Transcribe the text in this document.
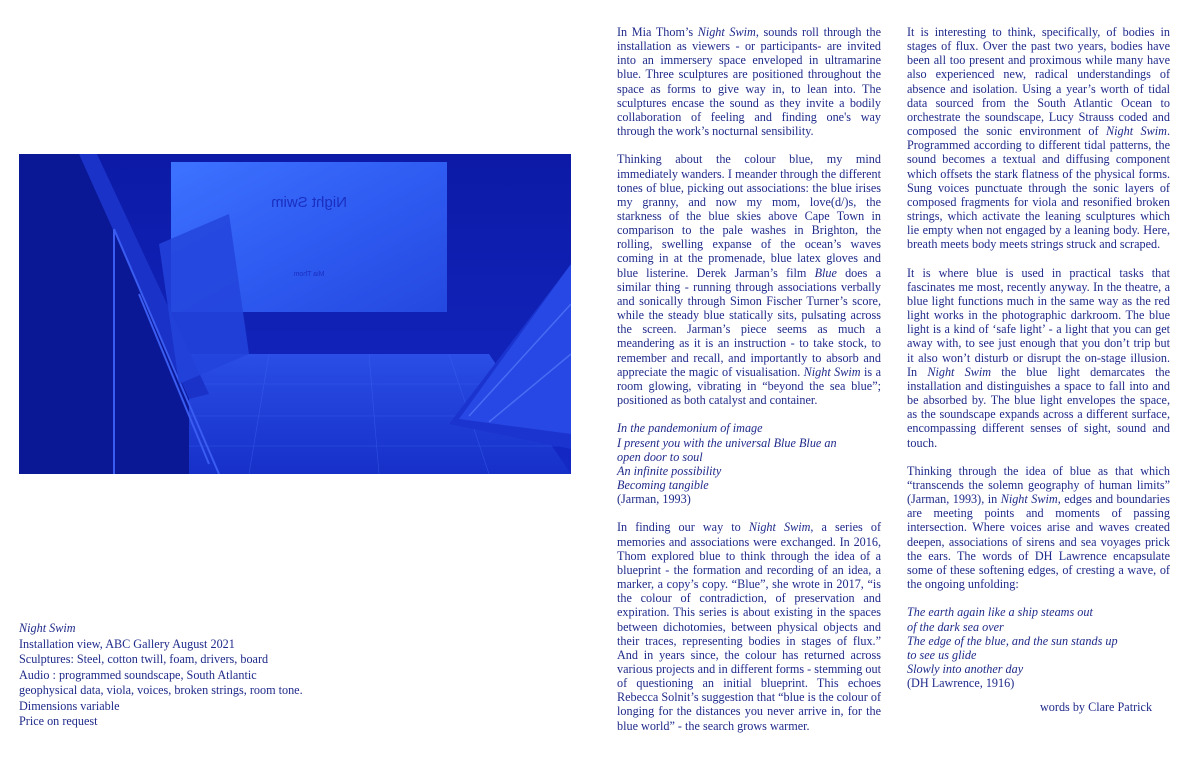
Night Swim
Mia Thom
Night Swim
Installation view, ABC Gallery August 2021
Sculptures: Steel, cotton twill, foam, drivers, board
Audio : programmed soundscape, South Atlantic
geophysical data, viola, voices, broken strings, room tone.
Dimensions variable
Price on request

In Mia Thom’s Night Swim, sounds roll through the installation as viewers - or participants- are invited into an immersery space enveloped in ultramarine blue. Three sculptures are positioned throughout the space as forms to give way in, to lean into. The sculptures encase the sound as they invite a bodily collaboration of feeling and finding one's way through the work’s nocturnal sensibility.

Thinking about the colour blue, my mind immediately wanders. I meander through the different tones of blue, picking out associations: the blue irises my granny, and now my mom, love(d/)s, the starkness of the blue skies above Cape Town in comparison to the pale washes in Brighton, the rolling, swelling expanse of the ocean’s waves coming in at the promenade, blue latex gloves and blue listerine. Derek Jarman’s film Blue does a similar thing - running through associations verbally and sonically through Simon Fischer Turner’s score, while the steady blue statically sits, pulsating across the screen. Jarman’s piece seems as much a meandering as it is an instruction - to take stock, to remember and recall, and importantly to absorb and appreciate the magic of visualisation. Night Swim is a room glowing, vibrating in “beyond the sea blue”; positioned as both catalyst and container.

In the pandemonium of image
I present you with the universal Blue Blue an
open door to soul
An infinite possibility
Becoming tangible
(Jarman, 1993)

In finding our way to Night Swim, a series of memories and associations were exchanged. In 2016, Thom explored blue to think through the idea of a blueprint - the formation and recording of an idea, a marker, a copy’s copy. “Blue”, she wrote in 2017, “is the colour of contradiction, of preservation and expiration. This series is about existing in the spaces between dichotomies, between physical objects and their traces, representing bodies in stages of flux.” And in years since, the colour has returned across various projects and in different forms - stemming out of questioning an initial blueprint. This echoes Rebecca Solnit’s suggestion that “blue is the colour of longing for the distances you never arrive in, for the blue world” - the search grows warmer.

It is interesting to think, specifically, of bodies in stages of flux. Over the past two years, bodies have been all too present and proximous while many have also experienced new, radical understandings of absence and isolation. Using a year’s worth of tidal data sourced from the South Atlantic Ocean to orchestrate the soundscape, Lucy Strauss coded and composed the sonic environment of Night Swim. Programmed according to different tidal patterns, the sound becomes a textual and diffusing component which offsets the stark flatness of the physical forms. Sung voices punctuate through the sonic layers of composed fragments for viola and resonified broken strings, which activate the leaning sculptures which lie empty when not engaged by a leaning body. Here, breath meets body meets strings struck and scraped.

It is where blue is used in practical tasks that fascinates me most, recently anyway. In the theatre, a blue light functions much in the same way as the red light works in the photographic darkroom. The blue light is a kind of ‘safe light’ - a light that you can get away with, to see just enough that you don’t trip but it also won’t disturb or disrupt the on-stage illusion. In Night Swim the blue light demarcates the installation and distinguishes a space to fall into and be absorbed by. The blue light envelopes the space, as the soundscape expands across a different surface, encompassing different senses of sight, sound and touch.

Thinking through the idea of blue as that which “transcends the solemn geography of human limits” (Jarman, 1993), in Night Swim, edges and boundaries are meeting points and moments of passing intersection. Where voices arise and waves created deepen, associations of sirens and sea voyages prick the ears. The words of DH Lawrence encapsulate some of these softening edges, of cresting a wave, of the ongoing unfolding:

The earth again like a ship steams out
of the dark sea over
The edge of the blue, and the sun stands up
to see us glide
Slowly into another day
(DH Lawrence, 1916)
words by Clare Patrick
